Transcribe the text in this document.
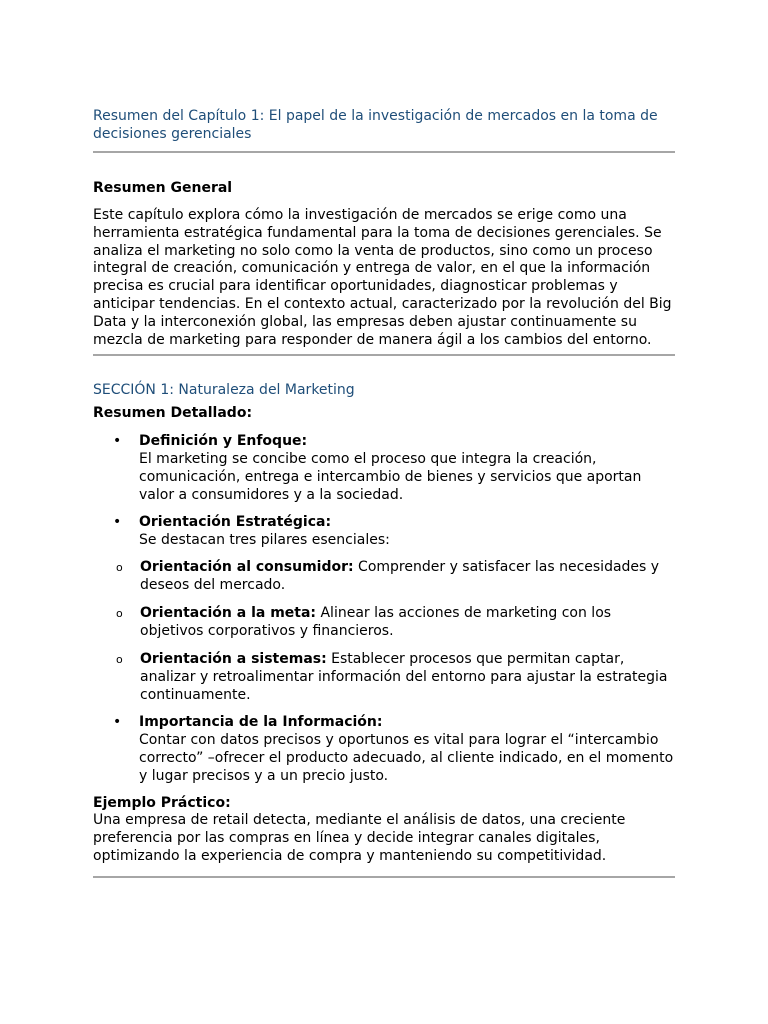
Resumen del Capítulo 1: El papel de la investigación de mercados en la toma de decisiones gerenciales

Resumen General

Este capítulo explora cómo la investigación de mercados se erige como una herramienta estratégica fundamental para la toma de decisiones gerenciales. Se analiza el marketing no solo como la venta de productos, sino como un proceso integral de creación, comunicación y entrega de valor, en el que la información precisa es crucial para identificar oportunidades, diagnosticar problemas y anticipar tendencias. En el contexto actual, caracterizado por la revolución del Big Data y la interconexión global, las empresas deben ajustar continuamente su mezcla de marketing para responder de manera ágil a los cambios del entorno.

SECCIÓN 1: Naturaleza del Marketing

Resumen Detallado:

• Definición y Enfoque:
El marketing se concibe como el proceso que integra la creación, comunicación, entrega e intercambio de bienes y servicios que aportan valor a consumidores y a la sociedad.
• Orientación Estratégica:
Se destacan tres pilares esenciales:
o	Orientación al consumidor: Comprender y satisfacer las necesidades y deseos del mercado.
o	Orientación a la meta: Alinear las acciones de marketing con los objetivos corporativos y financieros.
o	Orientación a sistemas: Establecer procesos que permitan captar, analizar y retroalimentar información del entorno para ajustar la estrategia continuamente.
• Importancia de la Información:
Contar con datos precisos y oportunos es vital para lograr el “intercambio correcto” –ofrecer el producto adecuado, al cliente indicado, en el momento y lugar precisos y a un precio justo.

Ejemplo Práctico:

Una empresa de retail detecta, mediante el análisis de datos, una creciente preferencia por las compras en línea y decide integrar canales digitales, optimizando la experiencia de compra y manteniendo su competitividad.
